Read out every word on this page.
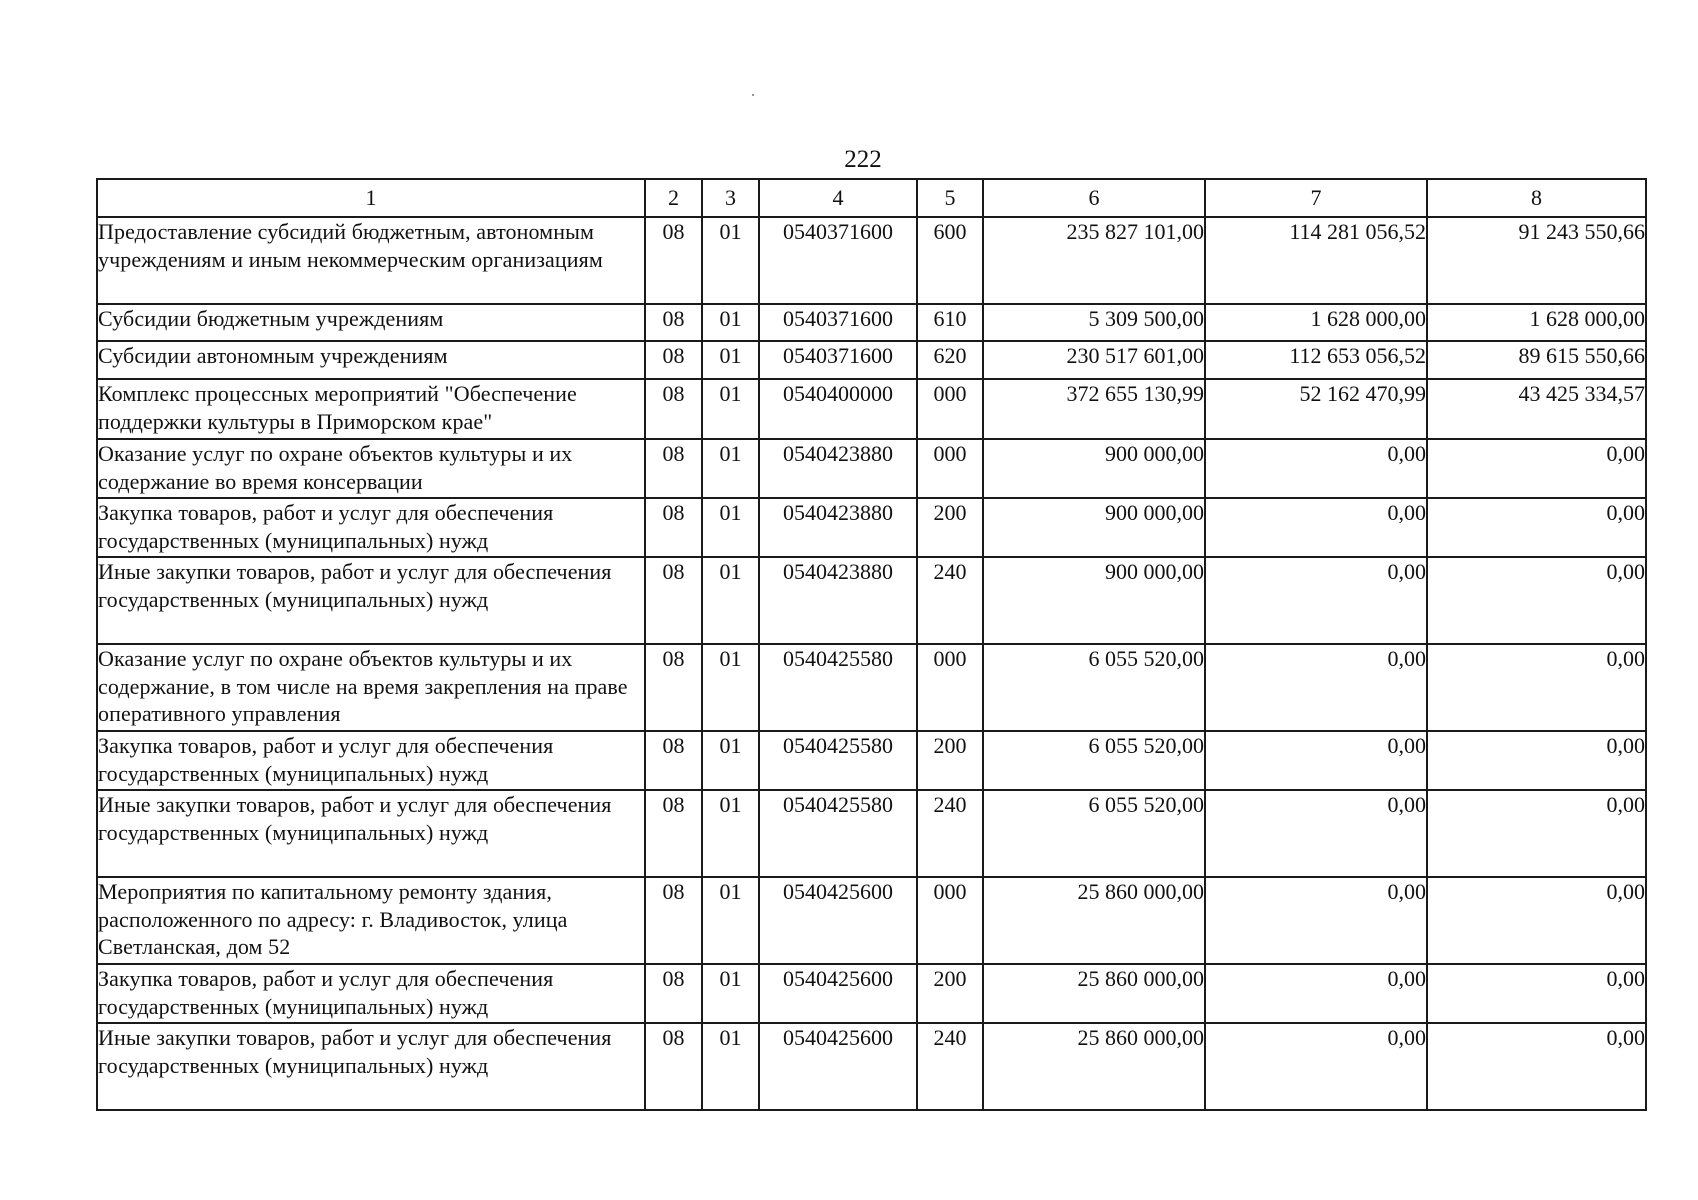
222
1	2	3	4	5	6	7	8
Предоставление субсидий бюджетным, автономным учреждениям и иным некоммерческим организациям	08	01	0540371600	600	235 827 101,00	114 281 056,52	91 243 550,66
Субсидии бюджетным учреждениям	08	01	0540371600	610	5 309 500,00	1 628 000,00	1 628 000,00
Субсидии автономным учреждениям	08	01	0540371600	620	230 517 601,00	112 653 056,52	89 615 550,66
Комплекс процессных мероприятий "Обеспечение поддержки культуры в Приморском крае"	08	01	0540400000	000	372 655 130,99	52 162 470,99	43 425 334,57
Оказание услуг по охране объектов культуры и их содержание во время консервации	08	01	0540423880	000	900 000,00	0,00	0,00
Закупка товаров, работ и услуг для обеспечения государственных (муниципальных) нужд	08	01	0540423880	200	900 000,00	0,00	0,00
Иные закупки товаров, работ и услуг для обеспечения государственных (муниципальных) нужд	08	01	0540423880	240	900 000,00	0,00	0,00
Оказание услуг по охране объектов культуры и их содержание, в том числе на время закрепления на праве оперативного управления	08	01	0540425580	000	6 055 520,00	0,00	0,00
Закупка товаров, работ и услуг для обеспечения государственных (муниципальных) нужд	08	01	0540425580	200	6 055 520,00	0,00	0,00
Иные закупки товаров, работ и услуг для обеспечения государственных (муниципальных) нужд	08	01	0540425580	240	6 055 520,00	0,00	0,00
Мероприятия по капитальному ремонту здания, расположенного по адресу: г. Владивосток, улица Светланская, дом 52	08	01	0540425600	000	25 860 000,00	0,00	0,00
Закупка товаров, работ и услуг для обеспечения государственных (муниципальных) нужд	08	01	0540425600	200	25 860 000,00	0,00	0,00
Иные закупки товаров, работ и услуг для обеспечения государственных (муниципальных) нужд	08	01	0540425600	240	25 860 000,00	0,00	0,00
